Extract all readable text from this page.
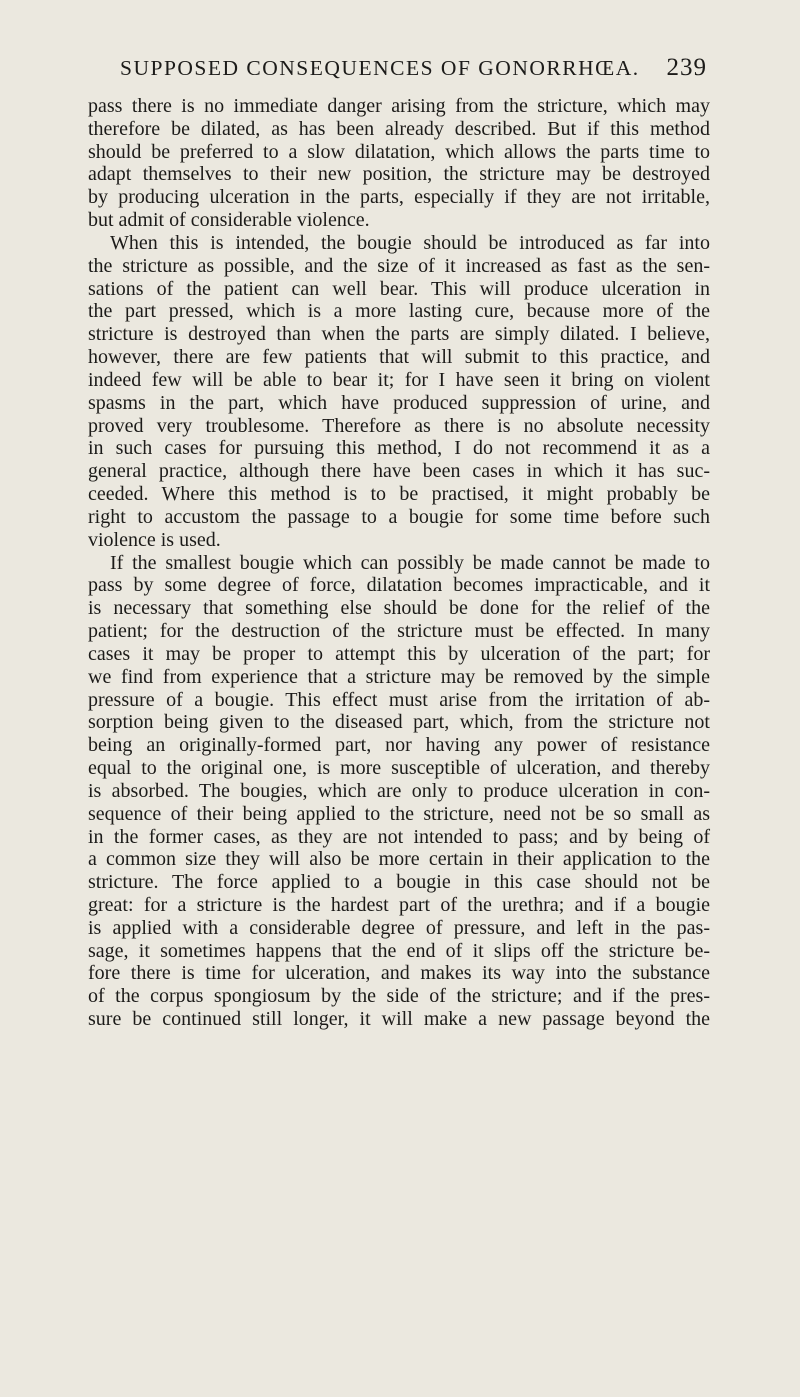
SUPPOSED CONSEQUENCES OF GONORRHŒA. 239
pass there is no immediate danger arising from the stricture, which may
therefore be dilated, as has been already described. But if this method
should be preferred to a slow dilatation, which allows the parts time to
adapt themselves to their new position, the stricture may be destroyed
by producing ulceration in the parts, especially if they are not irritable,
but admit of considerable violence.
When this is intended, the bougie should be introduced as far into
the stricture as possible, and the size of it increased as fast as the sen-
sations of the patient can well bear. This will produce ulceration in
the part pressed, which is a more lasting cure, because more of the
stricture is destroyed than when the parts are simply dilated. I believe,
however, there are few patients that will submit to this practice, and
indeed few will be able to bear it; for I have seen it bring on violent
spasms in the part, which have produced suppression of urine, and
proved very troublesome. Therefore as there is no absolute necessity
in such cases for pursuing this method, I do not recommend it as a
general practice, although there have been cases in which it has suc-
ceeded. Where this method is to be practised, it might probably be
right to accustom the passage to a bougie for some time before such
violence is used.
If the smallest bougie which can possibly be made cannot be made to
pass by some degree of force, dilatation becomes impracticable, and it
is necessary that something else should be done for the relief of the
patient; for the destruction of the stricture must be effected. In many
cases it may be proper to attempt this by ulceration of the part; for
we find from experience that a stricture may be removed by the simple
pressure of a bougie. This effect must arise from the irritation of ab-
sorption being given to the diseased part, which, from the stricture not
being an originally-formed part, nor having any power of resistance
equal to the original one, is more susceptible of ulceration, and thereby
is absorbed. The bougies, which are only to produce ulceration in con-
sequence of their being applied to the stricture, need not be so small as
in the former cases, as they are not intended to pass; and by being of
a common size they will also be more certain in their application to the
stricture. The force applied to a bougie in this case should not be
great: for a stricture is the hardest part of the urethra; and if a bougie
is applied with a considerable degree of pressure, and left in the pas-
sage, it sometimes happens that the end of it slips off the stricture be-
fore there is time for ulceration, and makes its way into the substance
of the corpus spongiosum by the side of the stricture; and if the pres-
sure be continued still longer, it will make a new passage beyond the
